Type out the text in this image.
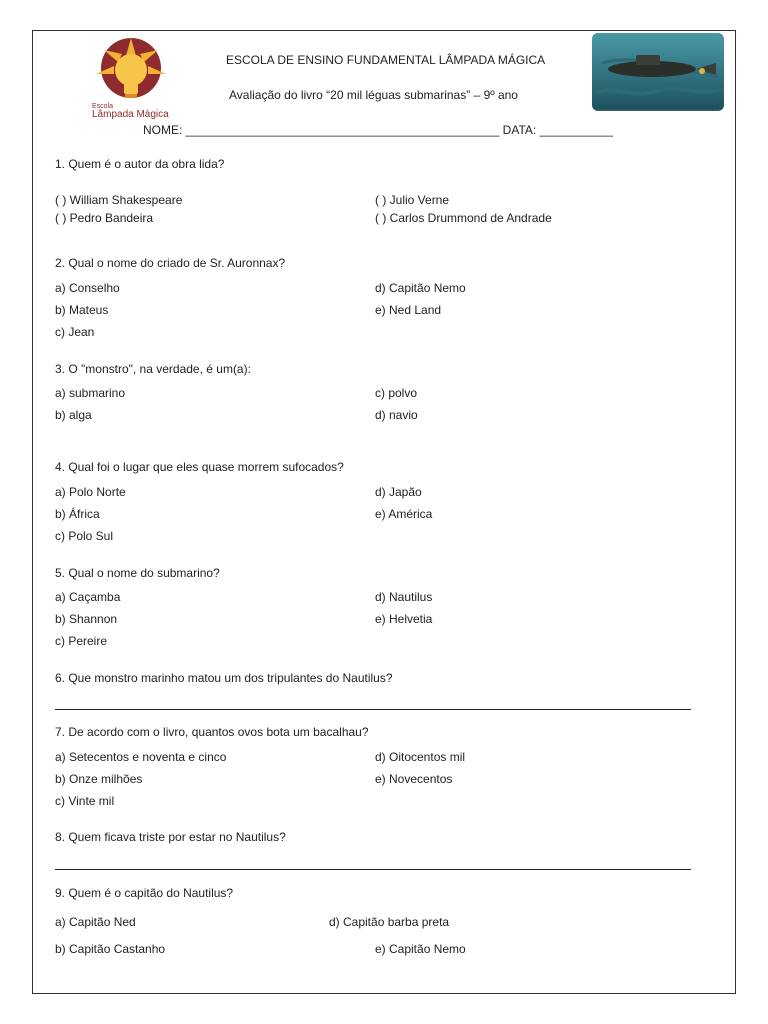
Escola
Lâmpada Mágica
ESCOLA DE ENSINO FUNDAMENTAL LÂMPADA MÁGICA
Avaliação do livro “20 mil léguas submarinas” – 9º ano
NOME: _______________________________________________ DATA: ___________
1. Quem é o autor da obra lida?
( ) William Shakespeare	( ) Julio Verne
( ) Pedro Bandeira	( ) Carlos Drummond de Andrade
2. Qual o nome do criado de Sr. Auronnax?
a) Conselho	d) Capitão Nemo
b) Mateus	e) Ned Land
c) Jean
3. O "monstro", na verdade, é um(a):
a) submarino	c) polvo
b) alga	d) navio
4. Qual foi o lugar que eles quase morrem sufocados?
a) Polo Norte	d) Japão
b) África	e) América
c) Polo Sul
5. Qual o nome do submarino?
a) Caçamba	d) Nautilus
b) Shannon	e) Helvetia
c) Pereire
6. Que monstro marinho matou um dos tripulantes do Nautilus?
7. De acordo com o livro, quantos ovos bota um bacalhau?
a) Setecentos e noventa e cinco	d) Oitocentos mil
b) Onze milhões	e) Novecentos
c) Vinte mil
8. Quem ficava triste por estar no Nautilus?
9. Quem é o capitão do Nautilus?
a) Capitão Ned	d) Capitão barba preta
b) Capitão Castanho	e) Capitão Nemo
